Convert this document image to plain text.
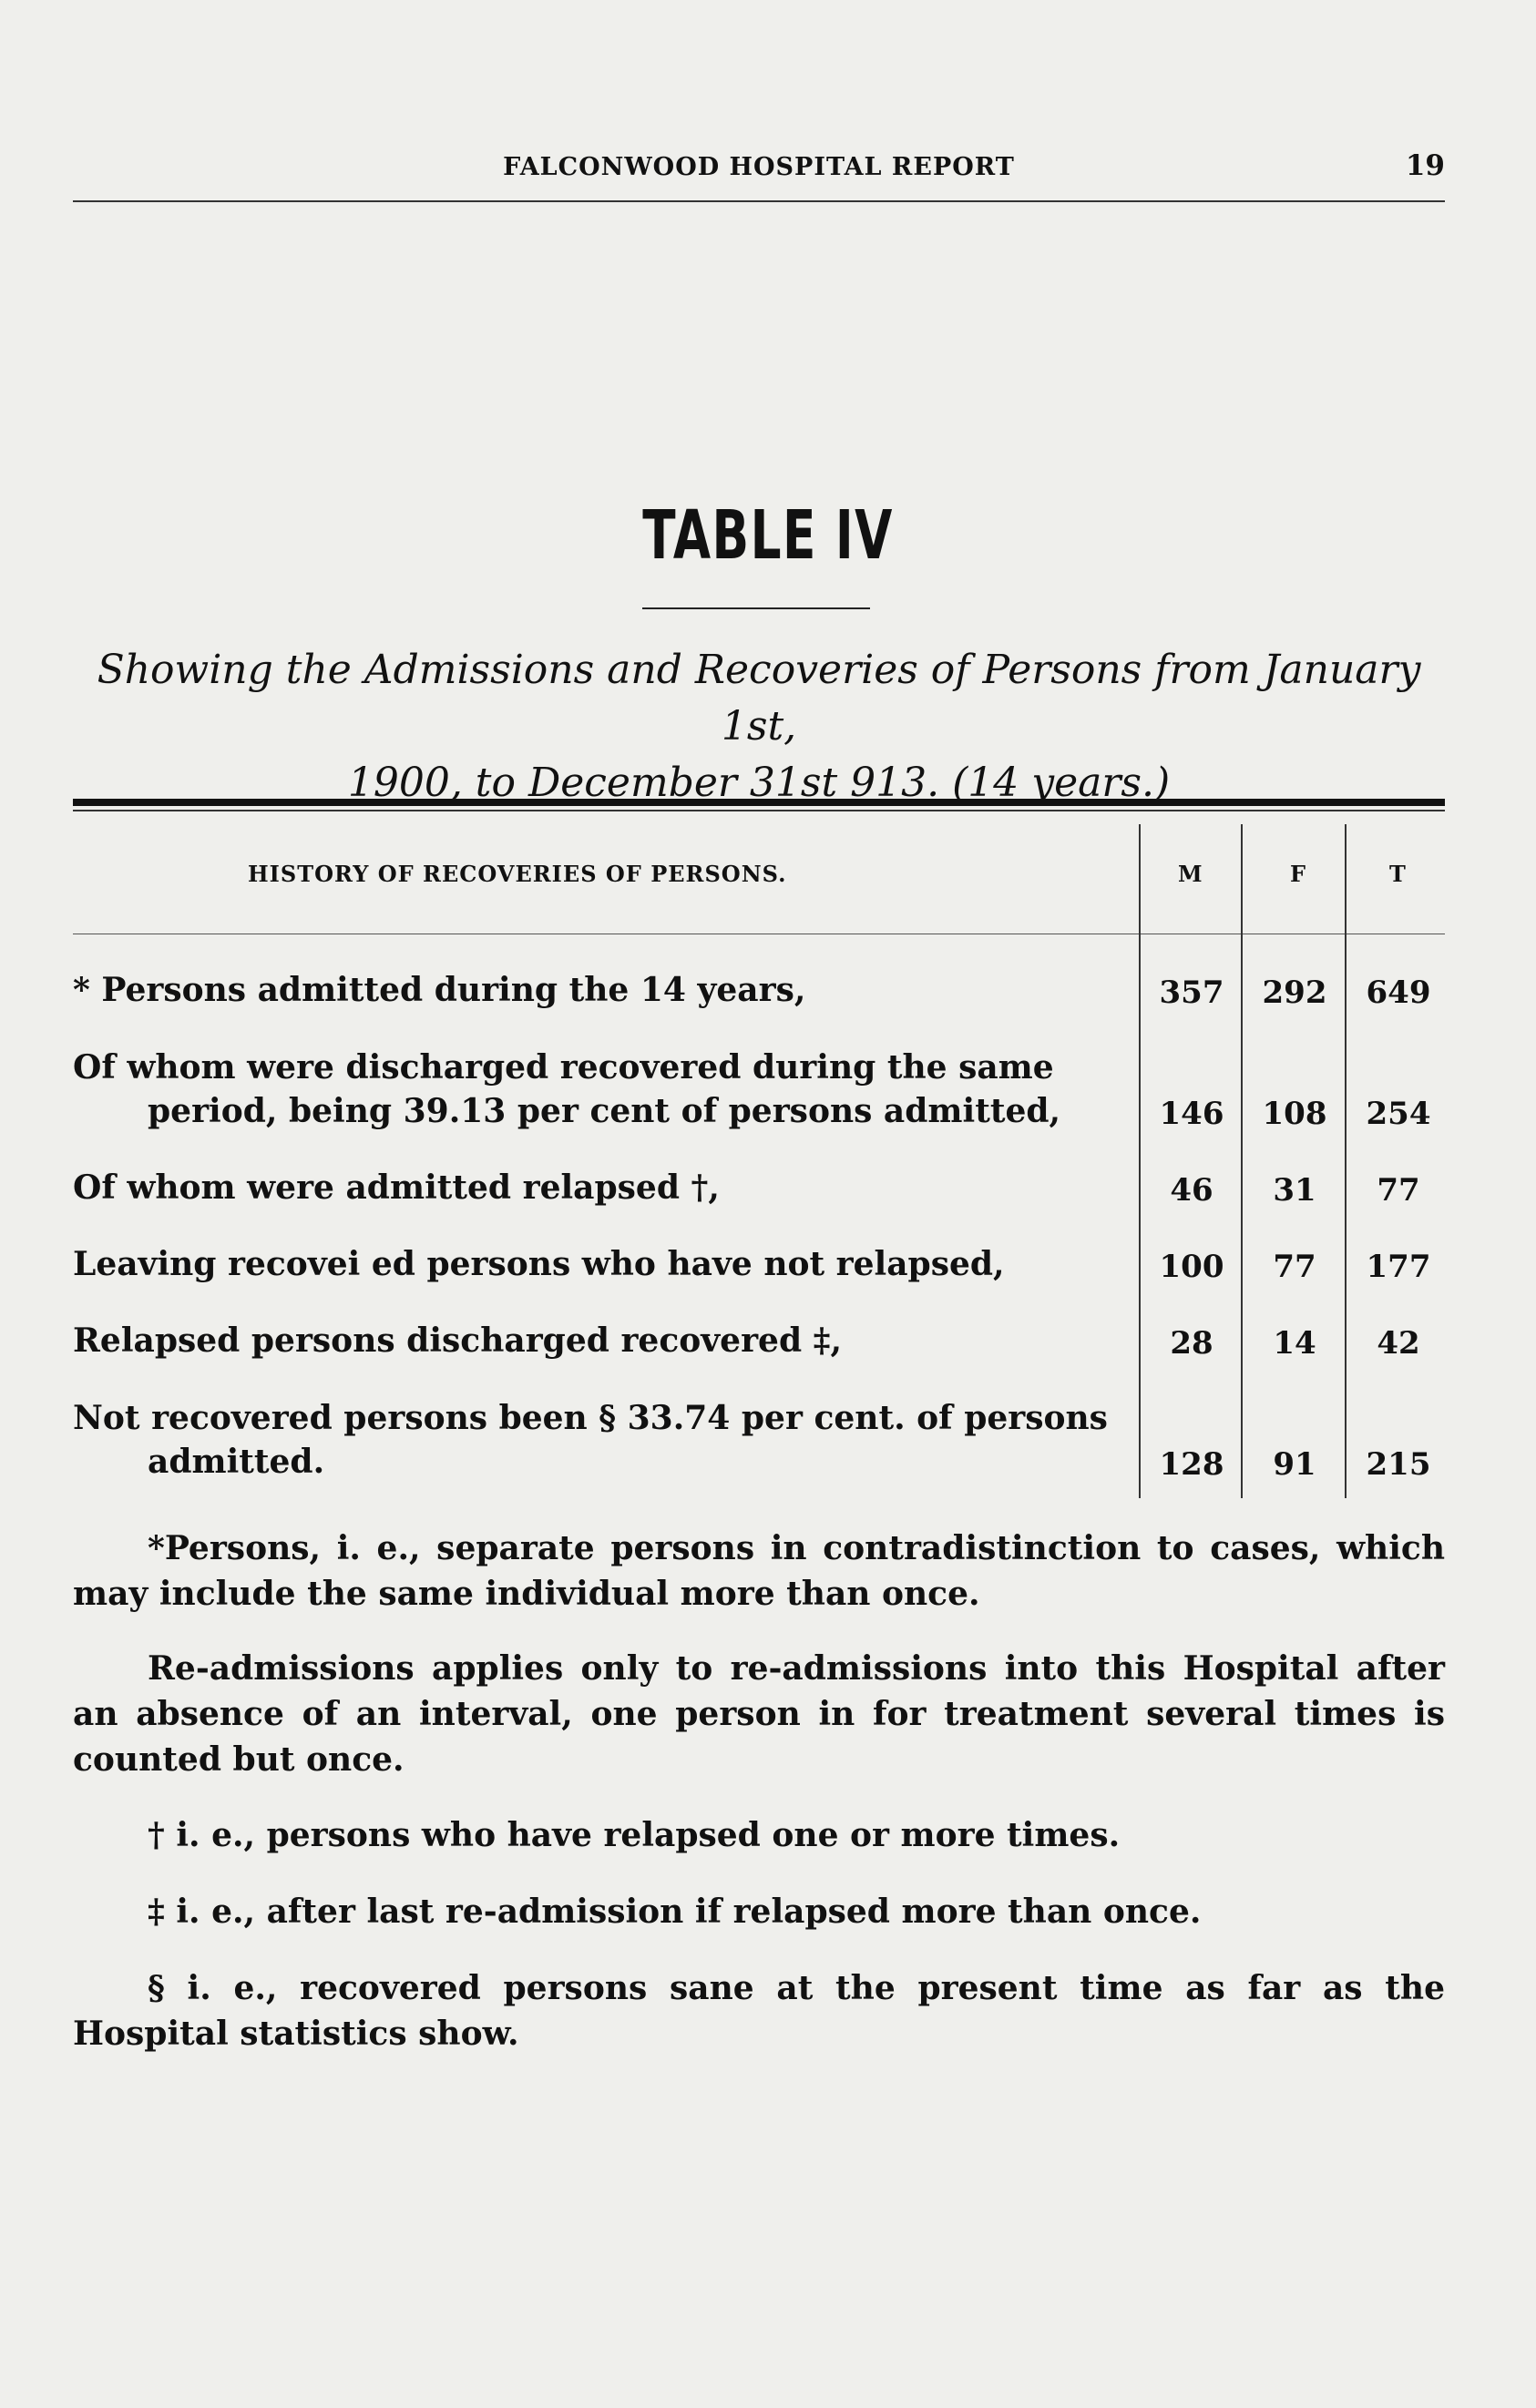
FALCONWOOD HOSPITAL REPORT	19
TABLE IV
Showing the Admissions and Recoveries of Persons from January 1st,
1900, to December 31st 913. (14 years.)
HISTORY OF RECOVERIES OF PERSONS.	M	F	T
* Persons admitted during the 14 years,	357	292	649
Of whom were discharged recovered during the same
period, being 39.13 per cent of persons admitted,	146	108	254
Of whom were admitted relapsed †,	46	31	77
Leaving recovei ed persons who have not relapsed,	100	77	177
Relapsed persons discharged recovered ‡,	28	14	42
Not recovered persons been § 33.74 per cent. of persons
admitted.	128	91	215
*Persons, i. e., separate persons in contradistinction to cases, which may include the same individual more than once.
Re-admissions applies only to re-admissions into this Hospital after an absence of an interval, one person in for treatment several times is counted but once.
† i. e., persons who have relapsed one or more times.
‡ i. e., after last re-admission if relapsed more than once.
§ i. e., recovered persons sane at the present time as far as the Hospital statistics show.
